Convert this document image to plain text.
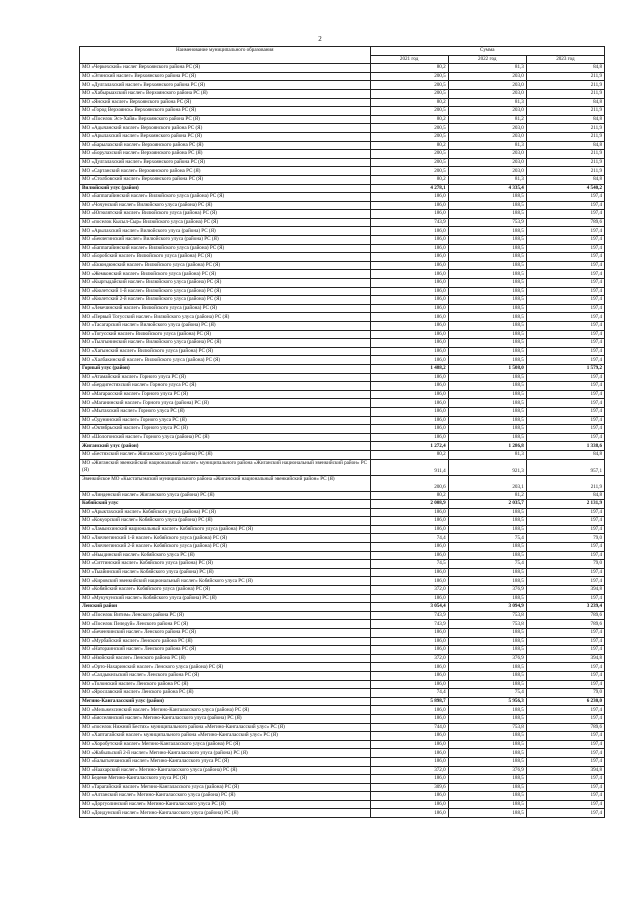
2
Наименование муниципального образования	Сумма		
	2021 год	2022 год	2023 год
МО «Черкехский» наслег Верхоянского района РС (Я)	80,2	81,3	84,8
МО «Эгинский наслег» Верхоянского района РС (Я)	200,5	203,0	211,9
МО «Дулгалахский наслег» Верхоянского района РС (Я)	200,5	203,0	211,9
МО «Хабырыахский наслег» Верхоянского района РС (Я)	200,5	203,0	211,9
МО «Янский наслег» Верхоянского района РС (Я)	80,2	81,3	84,8
МО «Город Верхоянск» Верхоянского района РС (Я)	200,5	203,0	211,9
МО «Поселок Эсэ-Хайя» Верхоянского района РС (Я)	80,2	81,2	84,8
МО «Адычанский наслег» Верхоянского района РС (Я)	200,5	203,0	211,9
МО «Арылахский наслег» Верхоянского района РС (Я)	200,5	203,0	211,9
МО «Барылахский наслег» Верхоянского района РС (Я)	80,2	81,3	84,8
МО «Борулахский наслег» Верхоянского района РС (Я)	200,5	203,0	211,9
МО «Дулгалахский наслег» Верхоянского района РС (Я)	200,5	203,0	211,9
МО «Сартанский наслег» Верхоянского района РС (Я)	200,5	203,0	211,9
МО «Столбовский наслег» Верхоянского района РС (Я)	80,2	81,3	84,8
Вилюйский улус (район)	4 278,1	4 335,4	4 540,2
МО «Баппагайинский наслег» Вилюйского улуса (района) РС (Я)	186,0	188,5	197,4
МО «Чочунский наслег» Вилюйского улуса (района) РС (Я)	186,0	188,5	197,4
МО «Югюлятский наслег» Вилюйского улуса (района) РС (Я)	186,0	188,5	197,4
МО «поселок Кысыл-Сыр» Вилюйского улуса (района) РС (Я)	743,9	753,9	789,6
МО «Арылахский наслег» Вилюйского улуса (района) РС (Я)	186,0	188,5	197,4
МО «Бекчегинский наслег» Вилюйского улуса (района) РС (Я)	186,0	188,5	197,4
МО «Баппагайинский наслег» Вилюйского улуса (района) РС (Я)	186,0	188,5	197,4
МО «Боробский наслег» Вилюйского улуса (района) РС (Я)	186,0	188,5	197,4
МО «Екюндюнский наслег» Вилюйского улуса (района) РС (Я)	186,0	188,5	197,4
МО «Жемконский наслег» Вилюйского улуса (района) РС (Я)	186,0	188,5	197,4
МО «Кыргыдайский наслег» Вилюйского улуса (района) РС (Я)	186,0	188,5	197,4
МО «Кюлетский 1-й наслег» Вилюйского улуса (района) РС (Я)	186,0	188,5	197,4
МО «Кюлетский 2-й наслег» Вилюйского улуса (района) РС (Я)	186,0	188,5	197,4
МО «Лекечинский наслег» Вилюйского улуса (района) РС (Я)	186,0	188,5	197,4
МО «Первый Тогусский наслег» Вилюйского улуса (района) РС (Я)	186,0	188,5	197,4
МО «Тасагарский наслег» Вилюйского улуса (района) РС (Я)	186,0	188,5	197,4
МО «Тогусский наслег» Вилюйского улуса (района) РС (Я)	186,0	188,5	197,4
МО «Тылгынинский наслег» Вилюйского улуса (района) РС (Я)	186,0	188,5	197,4
МО «Хагынский наслег» Вилюйского улуса (района) РС (Я)	186,0	188,5	197,4
МО «Халбакинский наслег» Вилюйского улуса (района) РС (Я)	186,0	188,5	197,4
Горный улус (район)	1 488,2	1 508,0	1 579,2
МО «Атамайский наслег» Горного улуса РС (Я)	186,0	188,5	197,4
МО «Бердигестяхский наслег» Горного улуса РС (Я)	186,0	188,5	197,4
МО «Магарасский наслег» Горного улуса РС (Я)	186,0	188,5	197,4
МО «Маганинский наслег» Горного улуса (района) РС (Я)	186,0	188,5	197,4
МО «Мытахский наслег» Горного улуса РС (Я)	186,0	188,5	197,4
МО «Одунинский наслег» Горного улуса РС (Я)	186,0	188,5	197,4
МО «Октябрьский наслег» Горного улуса РС (Я)	186,0	188,5	197,4
МО «Шологонский наслег» Горного улуса (района) РС (Я)	186,0	188,5	197,4
Жиганский улус (район)	1 272,4	1 286,8	1 338,6
МО «Бестяхский наслег» Жиганского улуса (района) РС (Я)	80,2	81,3	84,8
МО «Жиганский эвенкийский национальный наслег» муниципального района «Жиганский национальный эвенкийский район» РС (Я)	911,4	921,3	957,1
Эвенкийское МО «Кыстатыэмский муниципального района «Жиганский национальный эвенкийский район» РС (Я)	200,6	203,1	211,9
МО «Линденский наслег» Жиганского улуса (района) РС (Я)	80,2	81,2	84,8
Кобяйский улус	2 008,9	2 035,7	2 131,9
МО «Арыктахский наслег» Кобяйского улуса (района) РС (Я)	186,0	188,5	197,4
МО «Кокуорский наслег» Кобяйского улуса (района) РС (Я)	186,0	188,5	197,4
МО «Ламынхинский национальный наслег» Кобяйского улуса (района) РС (Я)	186,0	188,5	197,4
МО «Люччегинский 1-й наслег» Кобяйского улуса (района) РС (Я)	74,4	75,4	79,0
МО «Люччегинский 2-й наслег» Кобяйского улуса (района) РС (Я)	186,0	188,5	197,4
МО «Ньыдинский наслег» Кобяйского улуса РС (Я)	186,0	188,5	197,4
МО «Ситтинский наслег» Кобяйского улуса (района) РС (Я)	74,5	75,4	79,0
МО «Тыайинский наслег» Кобяйского улуса (района) РС (Я)	186,0	188,5	197,4
МО «Кировский эвенкийский национальный наслег» Кобяйского улуса РС (Я)	186,0	188,5	197,4
МО «Кобяйский наслег» Кобяйского улуса (района) РС (Я)	372,0	376,9	394,8
МО «Мукучунский наслег» Кобяйского улуса (района) РС (Я)	186,0	188,5	197,4
Ленский район	3 054,4	3 094,9	3 239,4
МО «Поселок Витим» Ленского района РС (Я)	743,9	753,8	789,6
МО «Поселок Пеледуй» Ленского района РС (Я)	743,9	753,8	789,6
МО «Беченчинский наслег» Ленского района РС (Я)	186,0	188,5	197,4
МО «Мурбайский наслег» Ленского района РС (Я)	186,0	188,5	197,4
МО «Натораинский наслег» Ленского района РС (Я)	186,0	188,5	197,4
МО «Нюйский наслег» Ленского района РС (Я)	372,0	376,9	394,8
МО «Орто-Нахаринский наслег» Ленского улуса (района) РС (Я)	186,0	188,5	197,4
МО «Салдыкельский наслег» Ленского района РС (Я)	186,0	188,5	197,4
МО «Толонский наслег» Ленского района РС (Я)	186,0	188,5	197,4
МО «Ярославский наслег» Ленского района РС (Я)	74,4	75,4	79,0
Мегино-Кангаласский улус (район)	5 898,7	5 956,3	6 230,0
МО «Мельжехсинский наслег» Мегино-Кангаласского улуса (района) РС (Я)	186,0	188,5	197,4
МО «Бясселянский наслег» Мегино-Кангаласского улуса (района) РС (Я)	186,0	188,5	197,4
МО «поселок Нижний Бестях» муниципального района «Мегино-Кангаласский улус» РС (Я)	744,0	753,8	789,6
МО «Хаптагайский наслег» муниципального района «Мегино-Кангаласский улус» РС (Я)	186,0	188,5	197,4
МО «Хоробутский наслег» Мегино-Кангаласского улуса (района) РС (Я)	186,0	188,5	197,4
МО «Жабыльский 2-й наслег» Мегино-Кангаласского улуса (района) РС (Я)	186,0	188,5	197,4
МО «Балыгыччанский наслег» Мегино-Кангаласского улуса РС (Я)	186,0	188,5	197,4
МО «Наахарский наслег» Мегино-Кангаласского улуса (района) РС (Я)	372,0	376,9	394,8
МО Бедеме Мегино-Кангаласского улуса РС (Я)	186,0	188,5	197,4
МО «Тарагайский наслег» Мегино-Кангаласского улуса (района) РС (Я)	309,6	188,5	197,4
МО «Алтанский наслег» Мегино-Кангаласского улуса (района) РС (Я)	186,0	188,5	197,4
МО «Доргуолинский наслег» Мегино-Кангаласского улуса РС (Я)	186,0	188,5	197,4
МО «Доидунский наслег» Мегино-Кангаласского улуса (района) РС (Я)	186,0	188,5	197,4
